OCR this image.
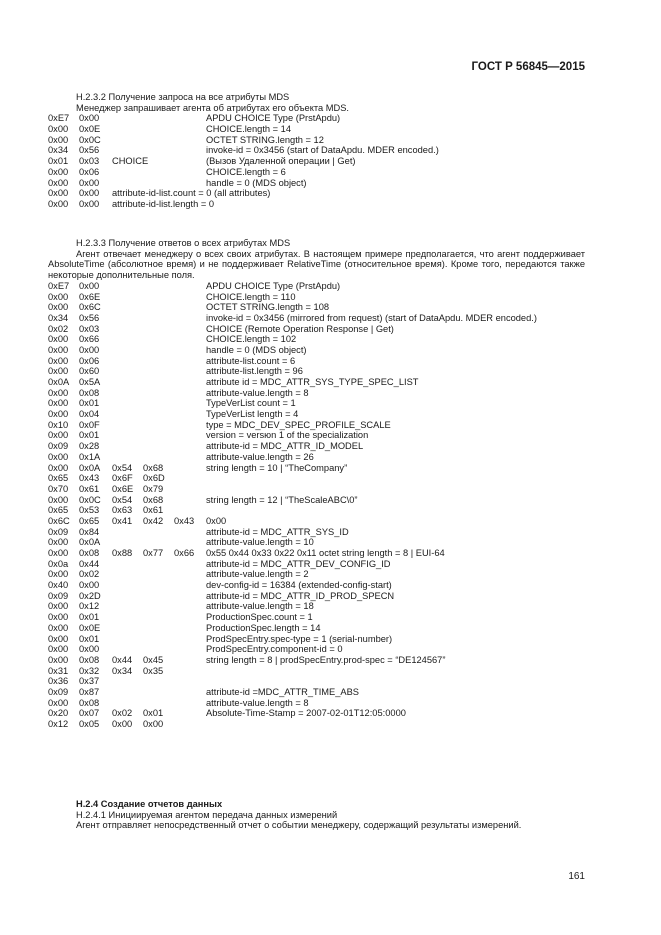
ГОСТ Р 56845—2015
Н.2.3.2 Получение запроса на все атрибуты MDS
Менеджер запрашивает агента об атрибутах его объекта MDS.
0xE7 0x00	APDU CHOICE Type (PrstApdu)
0x00 0x0E	CHOICE.length = 14
0x00 0x0C	OCTET STRING.length = 12
0x34 0x56	invoke-id = 0x3456 (start of DataApdu. MDER encoded.)
0x01 0x03 CHOICE	(Вызов Удаленной операции | Get)
0x00 0x06	CHOICE.length = 6
0x00 0x00	handle = 0 (MDS object)
0x00 0x00 attribute-id-list.count = 0 (all attributes)
0x00 0x00 attribute-id-list.length = 0
Н.2.3.3 Получение ответов о всех атрибутах MDS
Агент отвечает менеджеру о всех своих атрибутах. В настоящем примере предполагается, что агент поддерживает AbsoluteTime (абсолютное время) и не поддерживает RelativeTime (относительное время). Кроме того, передаются также некоторые дополнительные поля.
0xE7 0x00	APDU CHOICE Type (PrstApdu)
0x00 0x6E	CHOICE.length = 110
0x00 0x6C	OCTET STRING.length = 108
0x34 0x56	invoke-id = 0x3456 (mirrored from request) (start of DataApdu. MDER encoded.)
0x02 0x03	CHOICE (Remote Operation Response | Get)
0x00 0x66	CHOICE.length = 102
0x00 0x00	handle = 0 (MDS object)
0x00 0x06	attribute-list.count = 6
0x00 0x60	attribute-list.length = 96
0x0A 0x5A	attribute id = MDC_ATTR_SYS_TYPE_SPEC_LIST
0x00 0x08	attribute-value.length = 8
0x00 0x01	TypeVerList count = 1
0x00 0x04	TypeVerList length = 4
0x10 0x0F	type = MDC_DEV_SPEC_PROFILE_SCALE
0x00 0x01	version = versюn 1 of the specialization
0x09 0x28	attribute-id = MDC_ATTR_ID_MODEL
0x00 0x1A	attribute-value.length = 26
0x00 0x0A 0x54 0x68	string length = 10 | “TheCompany”
0x65 0x43 0x6F 0x6D
0x70 0x61 0x6E 0x79
0x00 0x0C 0x54 0x68	string length = 12 | “TheScaleABC\0”
0x65 0x53 0x63 0x61
0x6C 0x65 0x41 0x42 0x43 0x00
0x09 0x84	attribute-id = MDC_ATTR_SYS_ID
0x00 0x0A	attribute-value.length = 10
0x00 0x08 0x88 0x77 0x66 0x55 0x44 0x33 0x22 0x11 octet string length = 8 | EUI-64
0x0a 0x44	attribute-id = MDC_ATTR_DEV_CONFIG_ID
0x00 0x02	attribute-value.length = 2
0x40 0x00	dev-config-id = 16384 (extended-config-start)
0x09 0x2D	attribute-id = MDC_ATTR_ID_PROD_SPECN
0x00 0x12	attribute-value.length = 18
0x00 0x01	ProductionSpec.count = 1
0x00 0x0E	ProductionSpec.length = 14
0x00 0x01	ProdSpecEntry.spec-type = 1 (serial-number)
0x00 0x00	ProdSpecEntry.component-id = 0
0x00 0x08 0x44 0x45	string length = 8 | prodSpecEntry.prod-spec = “DE124567”
0x31 0x32 0x34 0x35
0x36 0x37
0x09 0x87	attribute-id =MDC_ATTR_TIME_ABS
0x00 0x08	attribute-value.length = 8
0x20 0x07 0x02 0x01	Absolute-Time-Stamp = 2007-02-01T12:05:0000
0x12 0x05 0x00 0x00
Н.2.4 Создание отчетов данных
Н.2.4.1 Инициируемая агентом передача данных измерений
Агент отправляет непосредственный отчет о событии менеджеру, содержащий результаты измерений.
161
